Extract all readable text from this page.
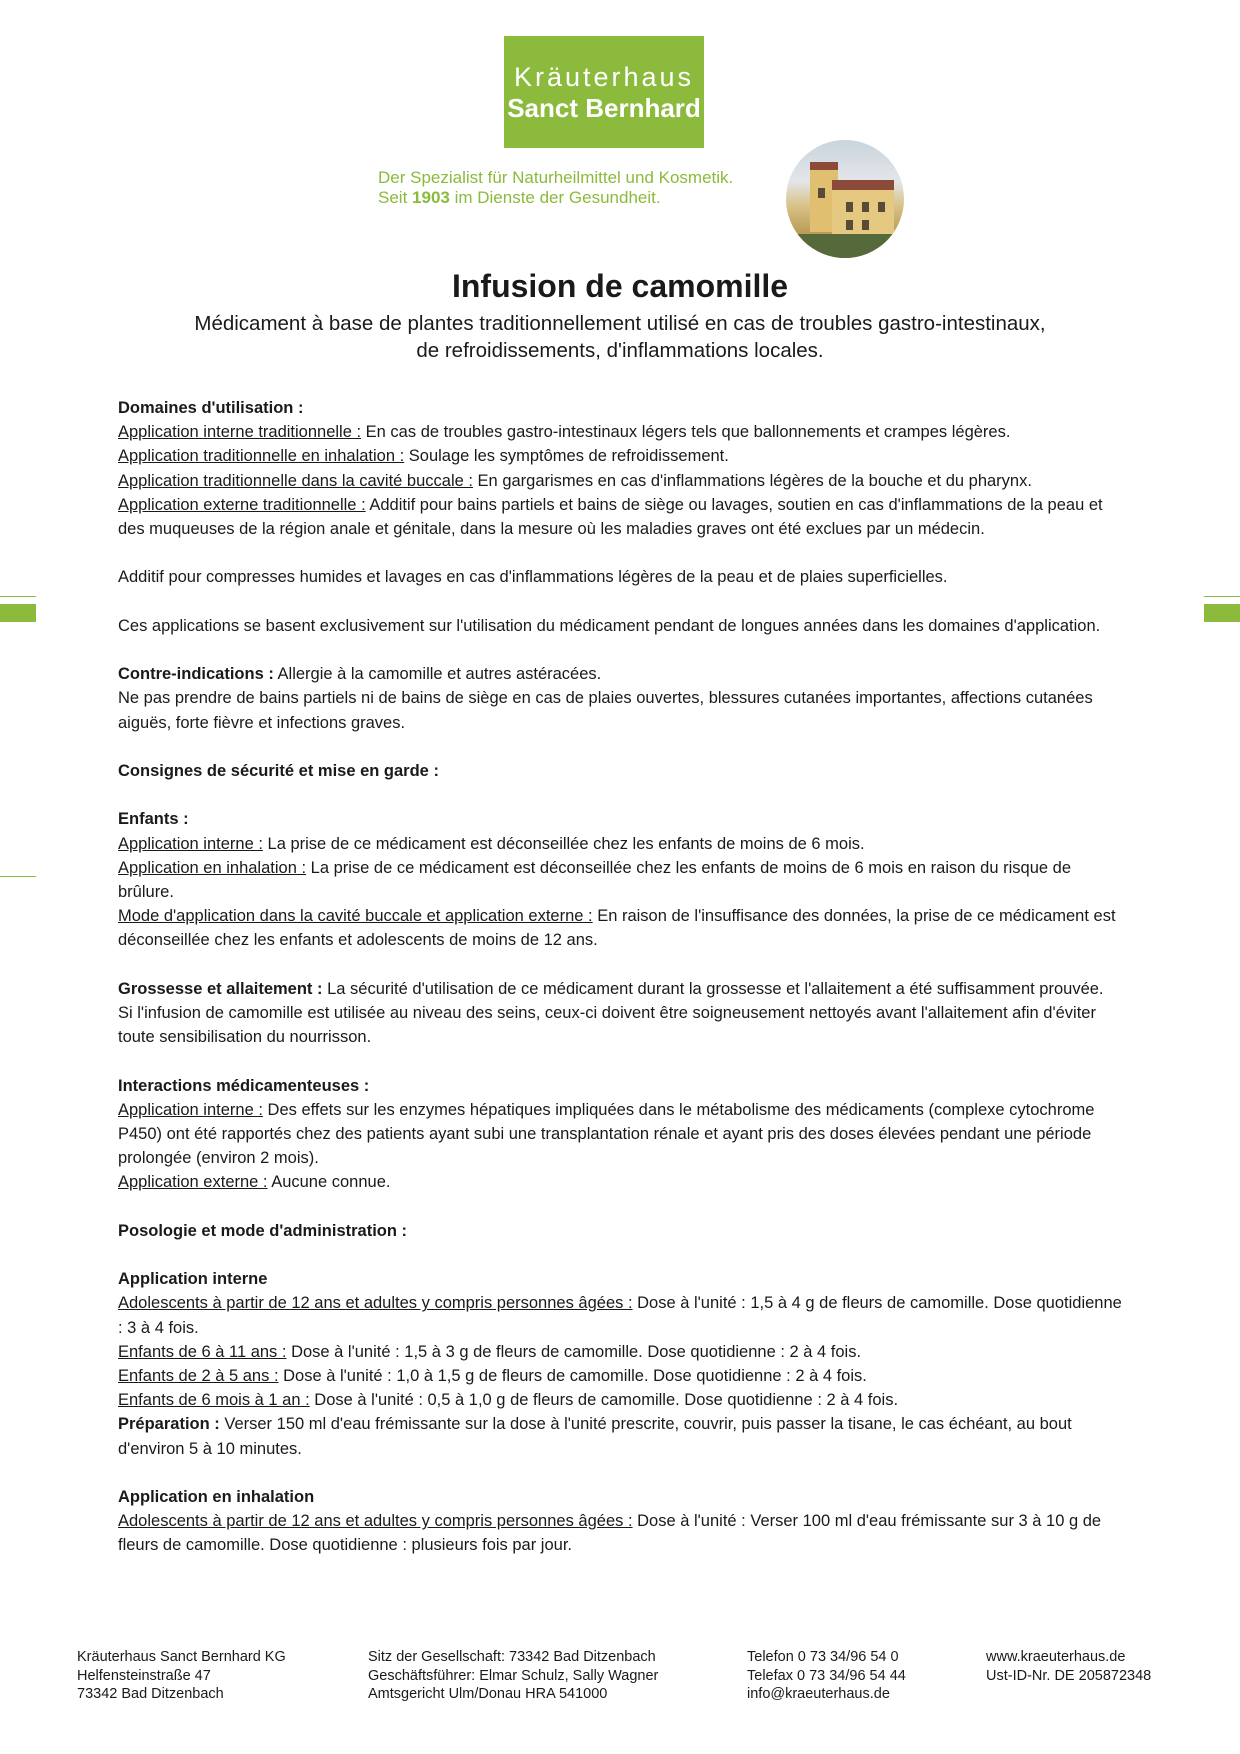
Kräuterhaus
Sanct Bernhard
Der Spezialist für Naturheilmittel und Kosmetik.
Seit 1903 im Dienste der Gesundheit.
Infusion de camomille
Médicament à base de plantes traditionnellement utilisé en cas de troubles gastro-intestinaux,
de refroidissements, d'inflammations locales.

Domaines d'utilisation :

Application interne traditionnelle : En cas de troubles gastro-intestinaux légers tels que ballonnements et crampes légères.

Application traditionnelle en inhalation : Soulage les symptômes de refroidissement.

Application traditionnelle dans la cavité buccale : En gargarismes en cas d'inflammations légères de la bouche et du pharynx.

Application externe traditionnelle : Additif pour bains partiels et bains de siège ou lavages, soutien en cas d'inflammations de la peau et des muqueuses de la région anale et génitale, dans la mesure où les maladies graves ont été exclues par un médecin.

Additif pour compresses humides et lavages en cas d'inflammations légères de la peau et de plaies superficielles.

Ces applications se basent exclusivement sur l'utilisation du médicament pendant de longues années dans les domaines d'application.

Contre-indications : Allergie à la camomille et autres astéracées.

Ne pas prendre de bains partiels ni de bains de siège en cas de plaies ouvertes, blessures cutanées importantes, affections cutanées aiguës, forte fièvre et infections graves.

Consignes de sécurité et mise en garde :

Enfants :

Application interne : La prise de ce médicament est déconseillée chez les enfants de moins de 6 mois.

Application en inhalation : La prise de ce médicament est déconseillée chez les enfants de moins de 6 mois en raison du risque de brûlure.

Mode d'application dans la cavité buccale et application externe : En raison de l'insuffisance des données, la prise de ce médicament est déconseillée chez les enfants et adolescents de moins de 12 ans.

Grossesse et allaitement : La sécurité d'utilisation de ce médicament durant la grossesse et l'allaitement a été suffisamment prouvée.

Si l'infusion de camomille est utilisée au niveau des seins, ceux-ci doivent être soigneusement nettoyés avant l'allaitement afin d'éviter toute sensibilisation du nourrisson.

Interactions médicamenteuses :

Application interne : Des effets sur les enzymes hépatiques impliquées dans le métabolisme des médicaments (complexe cytochrome P450) ont été rapportés chez des patients ayant subi une transplantation rénale et ayant pris des doses élevées pendant une période prolongée (environ 2 mois).

Application externe : Aucune connue.

Posologie et mode d'administration :

Application interne

Adolescents à partir de 12 ans et adultes y compris personnes âgées : Dose à l'unité : 1,5 à 4 g de fleurs de camomille. Dose quotidienne : 3 à 4 fois.

Enfants de 6 à 11 ans : Dose à l'unité : 1,5 à 3 g de fleurs de camomille. Dose quotidienne : 2 à 4 fois.

Enfants de 2 à 5 ans : Dose à l'unité : 1,0 à 1,5 g de fleurs de camomille. Dose quotidienne : 2 à 4 fois.

Enfants de 6 mois à 1 an : Dose à l'unité : 0,5 à 1,0 g de fleurs de camomille. Dose quotidienne : 2 à 4 fois.

Préparation : Verser 150 ml d'eau frémissante sur la dose à l'unité prescrite, couvrir, puis passer la tisane, le cas échéant, au bout d'environ 5 à 10 minutes.

Application en inhalation

Adolescents à partir de 12 ans et adultes y compris personnes âgées : Dose à l'unité : Verser 100 ml d'eau frémissante sur 3 à 10 g de fleurs de camomille. Dose quotidienne : plusieurs fois par jour.

Kräuterhaus Sanct Bernhard KG
Helfensteinstraße 47
73342 Bad Ditzenbach
Sitz der Gesellschaft: 73342 Bad Ditzenbach
Geschäftsführer: Elmar Schulz, Sally Wagner
Amtsgericht Ulm/Donau HRA 541000
Telefon 0 73 34/96 54 0
Telefax 0 73 34/96 54 44
info@kraeuterhaus.de
www.kraeuterhaus.de
Ust-ID-Nr. DE 205872348
